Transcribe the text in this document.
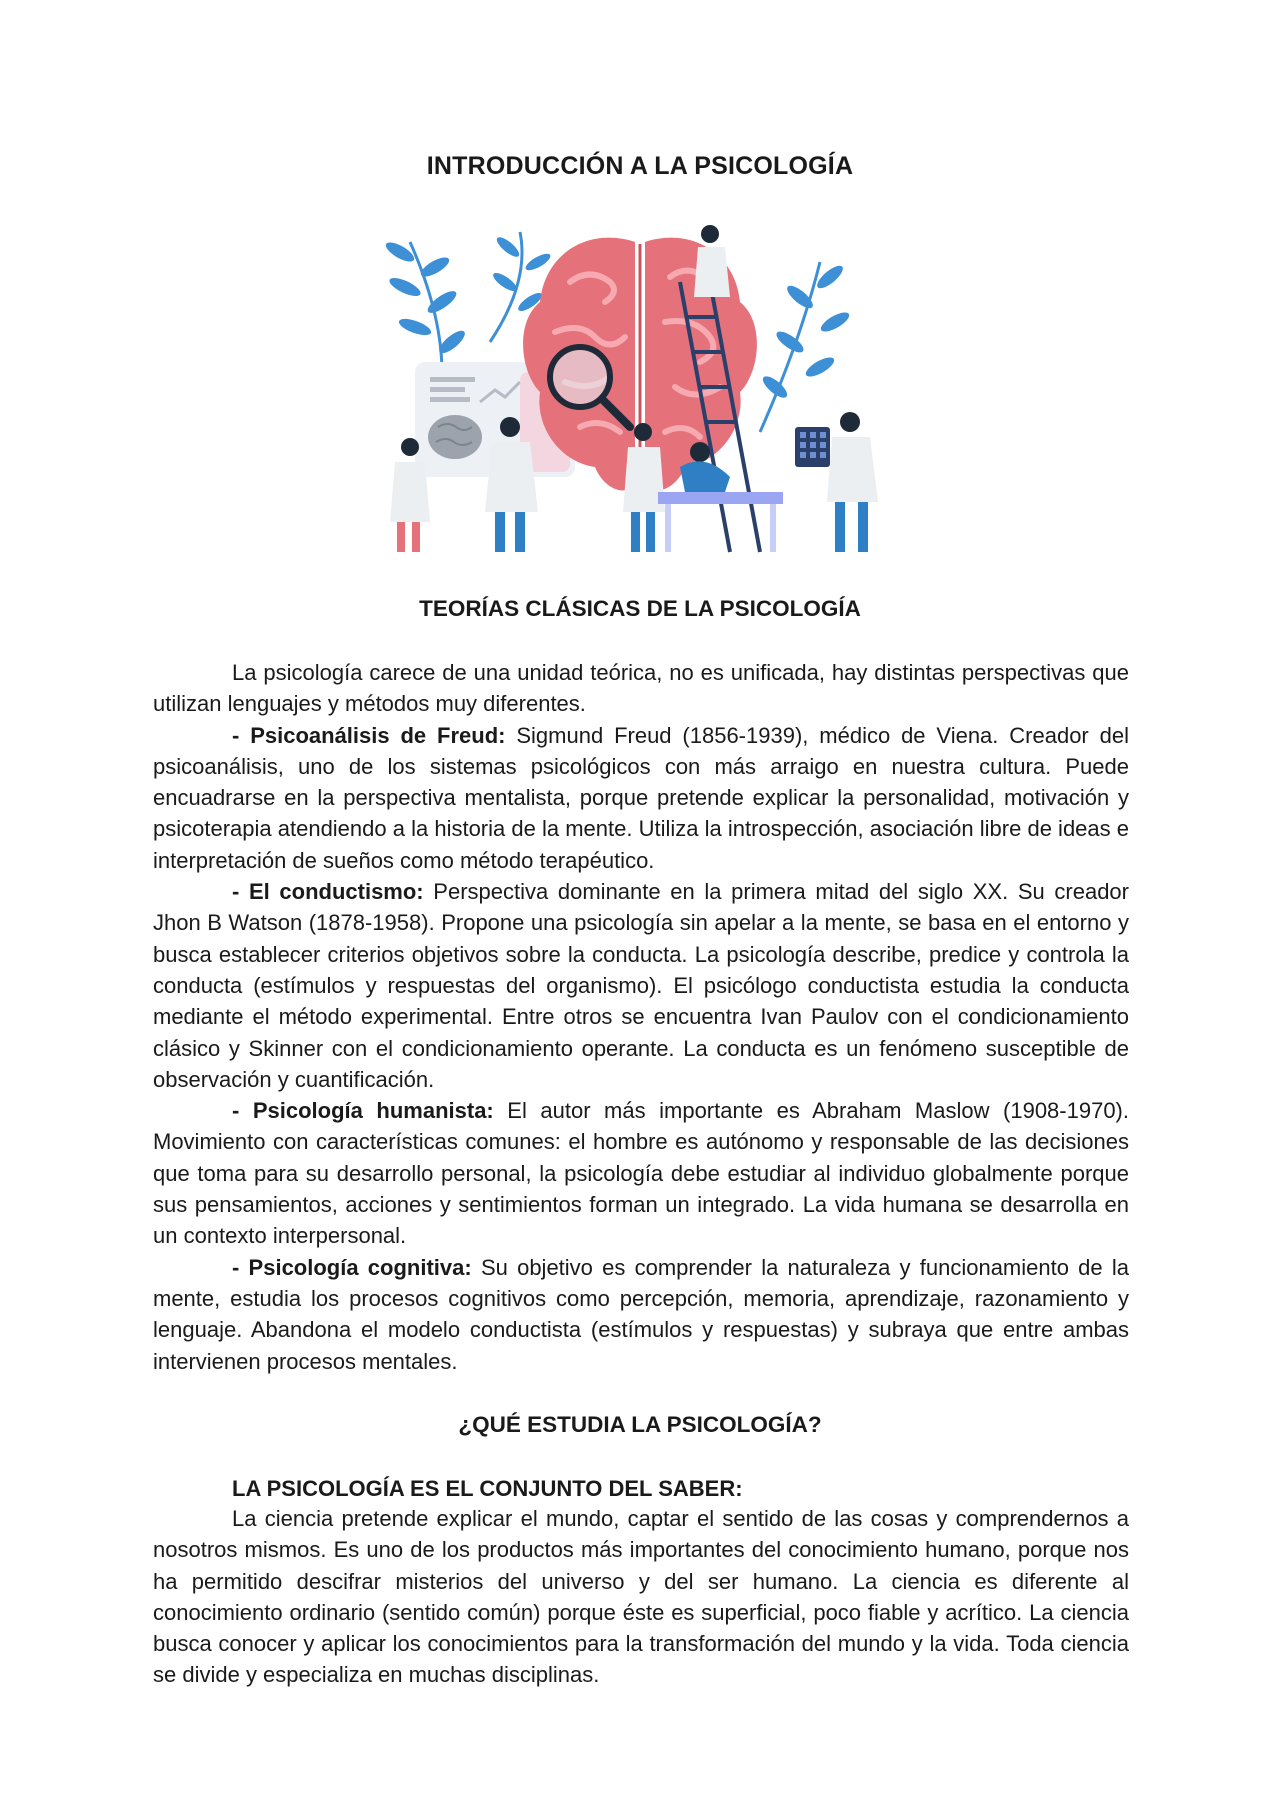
INTRODUCCIÓN A LA PSICOLOGÍA
TEORÍAS CLÁSICAS DE LA PSICOLOGÍA

La psicología carece de una unidad teórica, no es unificada, hay distintas perspectivas que utilizan lenguajes y métodos muy diferentes.

- Psicoanálisis de Freud: Sigmund Freud (1856-1939), médico de Viena. Creador del psicoanálisis, uno de los sistemas psicológicos con más arraigo en nuestra cultura. Puede encuadrarse en la perspectiva mentalista, porque pretende explicar la personalidad, motivación y psicoterapia atendiendo a la historia de la mente. Utiliza la introspección, asociación libre de ideas e interpretación de sueños como método terapéutico.

- El conductismo: Perspectiva dominante en la primera mitad del siglo XX. Su creador Jhon B Watson (1878-1958). Propone una psicología sin apelar a la mente, se basa en el entorno y busca establecer criterios objetivos sobre la conducta. La psicología describe, predice y controla la conducta (estímulos y respuestas del organismo). El psicólogo conductista estudia la conducta mediante el método experimental. Entre otros se encuentra Ivan Paulov con el condicionamiento clásico y Skinner con el condicionamiento operante. La conducta es un fenómeno susceptible de observación y cuantificación.

- Psicología humanista: El autor más importante es Abraham Maslow (1908-1970). Movimiento con características comunes: el hombre es autónomo y responsable de las decisiones que toma para su desarrollo personal, la psicología debe estudiar al individuo globalmente porque sus pensamientos, acciones y sentimientos forman un integrado. La vida humana se desarrolla en un contexto interpersonal.

- Psicología cognitiva: Su objetivo es comprender la naturaleza y funcionamiento de la mente, estudia los procesos cognitivos como percepción, memoria, aprendizaje, razonamiento y lenguaje. Abandona el modelo conductista (estímulos y respuestas) y subraya que entre ambas intervienen procesos mentales.

¿QUÉ ESTUDIA LA PSICOLOGÍA?
LA PSICOLOGÍA ES EL CONJUNTO DEL SABER:

La ciencia pretende explicar el mundo, captar el sentido de las cosas y comprendernos a nosotros mismos. Es uno de los productos más importantes del conocimiento humano, porque nos ha permitido descifrar misterios del universo y del ser humano. La ciencia es diferente al conocimiento ordinario (sentido común) porque éste es superficial, poco fiable y acrítico. La ciencia busca conocer y aplicar los conocimientos para la transformación del mundo y la vida. Toda ciencia se divide y especializa en muchas disciplinas.
